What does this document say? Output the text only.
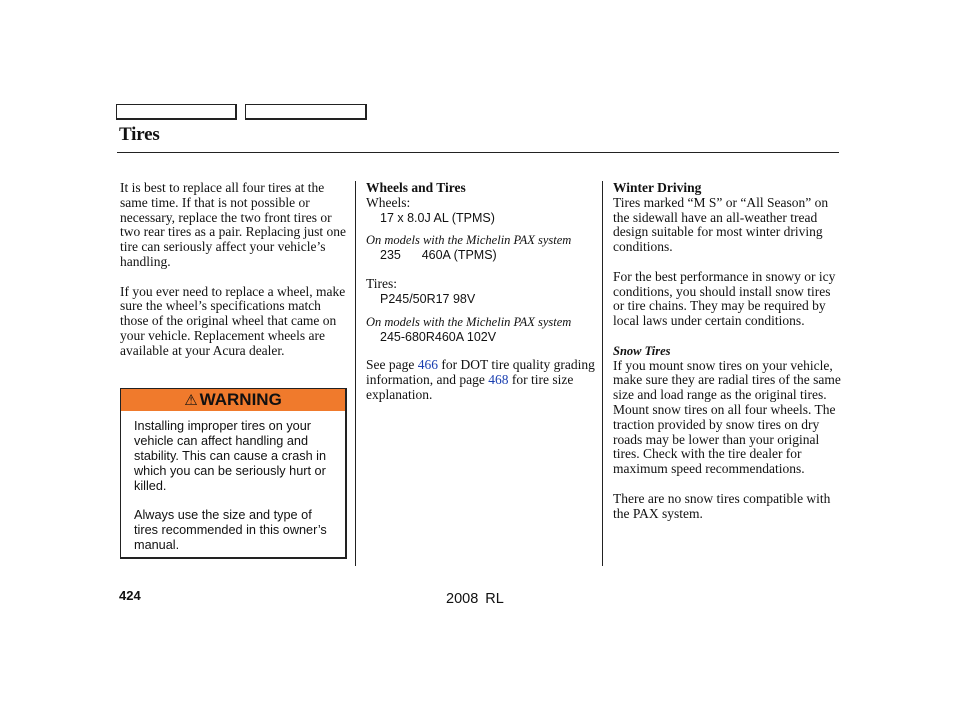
Tires

It is best to replace all four tires at the same time. If that is not possible or necessary, replace the two front tires or two rear tires as a pair. Replacing just one tire can seriously affect your vehicle’s handling.

If you ever need to replace a wheel, make sure the wheel’s specifications match those of the original wheel that came on your vehicle. Replacement wheels are available at your Acura dealer.

⚠ WARNING

Installing improper tires on your vehicle can affect handling and stability. This can cause a crash in which you can be seriously hurt or killed.

Always use the size and type of tires recommended in this owner’s manual.

Wheels and Tires

Wheels:

17 x 8.0J AL (TPMS)

On models with the Michelin PAX system

235      460A (TPMS)

Tires:

P245/50R17 98V

On models with the Michelin PAX system

245-680R460A 102V

See page 466 for DOT tire quality grading information, and page 468 for tire size explanation.

Winter Driving

Tires marked “M S” or “All Season” on the sidewall have an all-weather tread design suitable for most winter driving conditions.

For the best performance in snowy or icy conditions, you should install snow tires or tire chains. They may be required by local laws under certain conditions.

Snow Tires

If you mount snow tires on your vehicle, make sure they are radial tires of the same size and load range as the original tires. Mount snow tires on all four wheels. The traction provided by snow tires on dry roads may be lower than your original tires. Check with the tire dealer for maximum speed recommendations.

There are no snow tires compatible with the PAX system.

424	2008 RL
